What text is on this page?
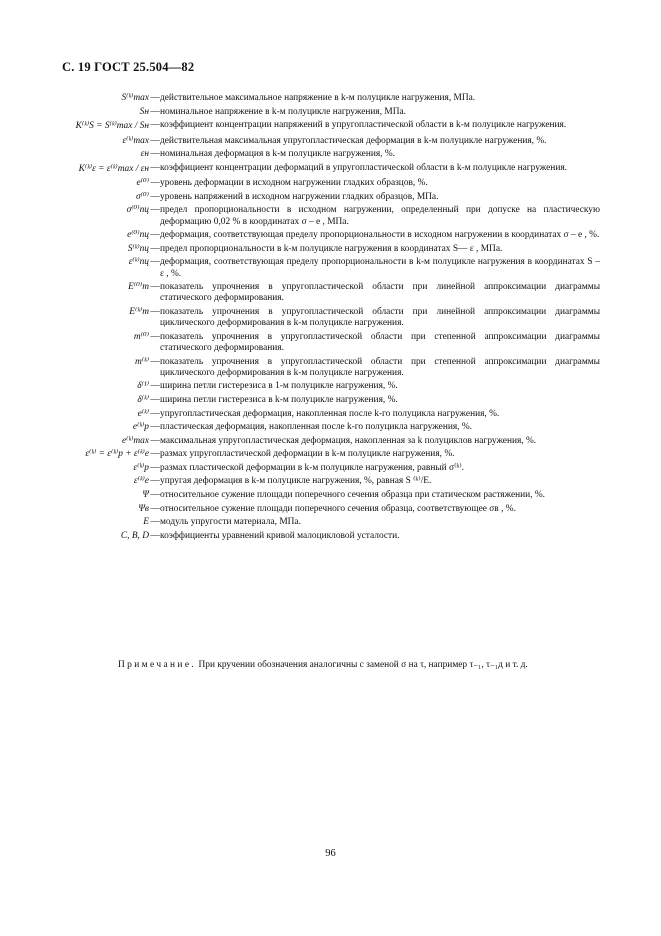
С. 19 ГОСТ 25.504—82
S⁽ᵏ⁾max — действительное максимальное напряжение в k-м полуцикле нагружения, МПа.
Sн — номинальное напряжение в k-м полуцикле нагружения, МПа.
K⁽ᵏ⁾S = S⁽ᵏ⁾max / Sн — коэффициент концентрации напряжений в упругопластической области в k-м полуцикле нагружения.
ε⁽ᵏ⁾max — действительная максимальная упругопластическая деформация в k-м полуцикле нагружения, %.
εн — номинальная деформация в k-м полуцикле нагружения, %.
K⁽ᵏ⁾ε = ε⁽ᵏ⁾max / εн — коэффициент концентрации деформаций в упругопластической области в k-м полуцикле нагружения.
e⁽⁰⁾ — уровень деформации в исходном нагружении гладких образцов, %.
σ⁽⁰⁾ — уровень напряжений в исходном нагружении гладких образцов, МПа.
σ⁽⁰⁾пц — предел пропорциональности в исходном нагружении, определенный при допуске на пластическую деформацию 0,02 % в координатах σ – e , МПа.
e⁽⁰⁾пц — деформация, соответствующая пределу пропорциональности в исходном нагружении в координатах σ – e , %.
S⁽ᵏ⁾пц — предел пропорциональности в k-м полуцикле нагружения в координатах S— ε , МПа.
ε⁽ᵏ⁾пц — деформация, соответствующая пределу пропорциональности в k-м полуцикле нагружения в координатах S – ε , %.
E⁽⁰⁾т — показатель упрочнения в упругопластической области при линейной аппроксимации диаграммы статического деформирования.
E⁽ᵏ⁾т — показатель упрочнения в упругопластической области при линейной аппроксимации диаграммы циклического деформирования в k-м полуцикле нагружения.
m⁽⁰⁾ — показатель упрочнения в упругопластической области при степенной аппроксимации диаграммы статического деформирования.
m⁽ᵏ⁾ — показатель упрочнения в упругопластической области при степенной аппроксимации диаграммы циклического деформирования в k-м полуцикле нагружения.
δ⁽¹⁾ — ширина петли гистерезиса в 1-м полуцикле нагружения, %.
δ⁽ᵏ⁾ — ширина петли гистерезиса в k-м полуцикле нагружения, %.
e⁽ᵏ⁾ — упругопластическая деформация, накопленная после k-го полуцикла нагружения, %.
e⁽ᵏ⁾p — пластическая деформация, накопленная после k-го полуцикла нагружения, %.
e⁽ᵏ⁾max — максимальная упругопластическая деформация, накопленная за k полуциклов нагружения, %.
ε⁽ᵏ⁾ = ε⁽ᵏ⁾p + ε⁽ᵏ⁾e — размах упругопластической деформации в k-м полуцикле нагружения, %.
ε⁽ᵏ⁾p — размах пластической деформации в k-м полуцикле нагружения, равный σ⁽ᵏ⁾.
ε⁽ᵏ⁾e — упругая деформация в k-м полуцикле нагружения, %, равная S ⁽ᵏ⁾/E.
Ψ — относительное сужение площади поперечного сечения образца при статическом растяжении, %.
Ψв — относительное сужение площади поперечного сечения образца, соответствующее σв , %.
E — модуль упругости материала, МПа.
C̄, B̄, D̄ — коэффициенты уравнений кривой малоцикловой усталости.
Примечание. При кручении обозначения аналогичны с заменой σ на τ, например τ₋₁, τ₋₁д и т. д.
96
